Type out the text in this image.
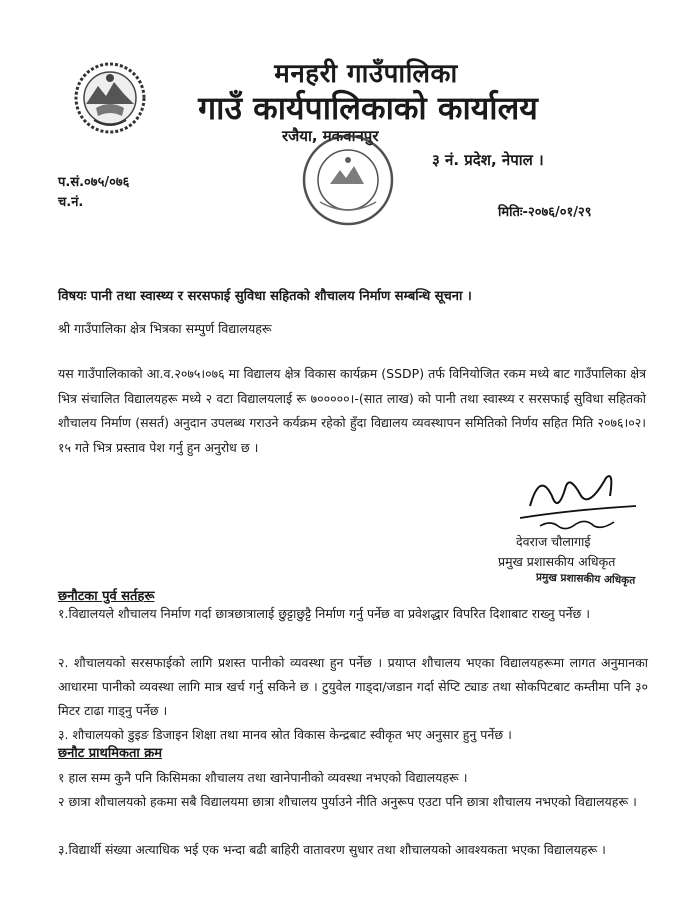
मनहरी गाउँपालिका
गाउँ कार्यपालिकाको कार्यालय
रजैया, मकवानपुर
३ नं. प्रदेश, नेपाल ।
प.सं.०७५/०७६
च.नं.
मितिः-२०७६/०१/२९
विषयः पानी तथा स्वास्थ्य र सरसफाई सुविधा सहितको शौचालय निर्माण सम्बन्धि सूचना ।
श्री गाउँपालिका क्षेत्र भित्रका सम्पुर्ण विद्यालयहरू
यस गाउँपालिकाको आ.व.२०७५।०७६ मा विद्यालय क्षेत्र विकास कार्यक्रम (SSDP) तर्फ विनियोजित रकम मध्ये बाट गाउँपालिका क्षेत्र भित्र संचालित विद्यालयहरू मध्ये २ वटा विद्यालयलाई रू ७०००००।-(सात लाख) को पानी तथा स्वास्थ्य र सरसफाई सुविधा सहितको शौचालय निर्माण (ससर्त) अनुदान उपलब्ध गराउने कर्यक्रम रहेको हुँदा विद्यालय व्यवस्थापन समितिको निर्णय सहित मिति २०७६।०२।१५ गते भित्र प्रस्ताव पेश गर्नु हुन अनुरोध छ ।
देवराज चौलागाई
प्रमुख प्रशासकीय अधिकृत
प्रमुख प्रशासकीय अधिकृत
छनौटका पुर्व सर्तहरू
१.विद्यालयले शौचालय निर्माण गर्दा छात्रछात्रालाई छुट्टाछुट्टै निर्माण गर्नु पर्नेछ वा प्रवेशद्धार विपरित दिशाबाट राख्नु पर्नेछ ।
२. शौचालयको सरसफाईको लागि प्रशस्त पानीको व्यवस्था हुन पर्नेछ । प्रयाप्त शौचालय भएका विद्यालयहरूमा लागत अनुमानका आधारमा पानीको व्यवस्था लागि मात्र खर्च गर्नु सकिने छ । टुयुवेल गाड्दा/जडान गर्दा सेप्टि ट्याङ तथा सोकपिटबाट कम्तीमा पनि ३० मिटर टाढा गाड्नु पर्नेछ ।
३. शौचालयको डुइङ डिजाइन शिक्षा तथा मानव स्रोत विकास केन्द्रबाट स्वीकृत भए अनुसार हुनु पर्नेछ ।
छनौट प्राथमिकता क्रम
१ हाल सम्म कुनै पनि किसिमका शौचालय तथा खानेपानीको व्यवस्था नभएको विद्यालयहरू ।
२ छात्रा शौचालयको हकमा सबै विद्यालयमा छात्रा शौचालय पुर्याउने नीति अनुरूप एउटा पनि छात्रा शौचालय नभएको विद्यालयहरू ।
३.विद्यार्थी संख्या अत्याधिक भई एक भन्दा बढी बाहिरी वातावरण सुधार तथा शौचालयको आवश्यकता भएका विद्यालयहरू ।
